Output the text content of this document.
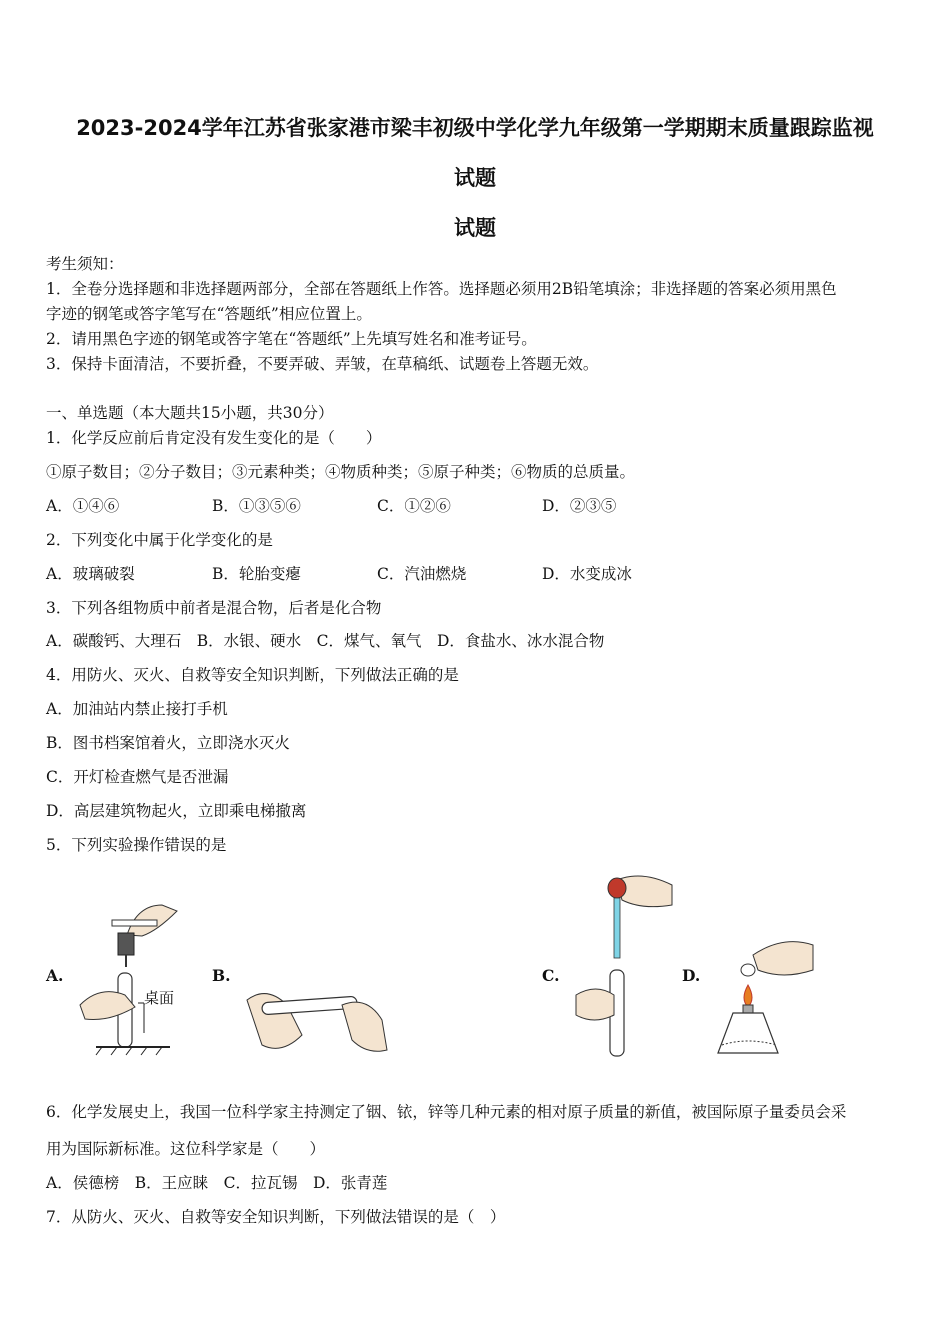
2023-2024学年江苏省张家港市梁丰初级中学化学九年级第一学期期末质量跟踪监视
试题
试题
考生须知：
1．全卷分选择题和非选择题两部分，全部在答题纸上作答。选择题必须用2B铅笔填涂；非选择题的答案必须用黑色
字迹的钢笔或答字笔写在“答题纸”相应位置上。
2．请用黑色字迹的钢笔或答字笔在“答题纸”上先填写姓名和准考证号。
3．保持卡面清洁，不要折叠，不要弄破、弄皱，在草稿纸、试题卷上答题无效。
一、单选题（本大题共15小题，共30分）
1．化学反应前后肯定没有发生变化的是（　　）
①原子数目；②分子数目；③元素种类；④物质种类；⑤原子种类；⑥物质的总质量。
A．①④⑥	B．①③⑤⑥	C．①②⑥	D．②③⑤
2．下列变化中属于化学变化的是
A．玻璃破裂	B．轮胎变瘪	C．汽油燃烧	D．水变成冰
3．下列各组物质中前者是混合物，后者是化合物
A．碳酸钙、大理石　B．水银、硬水　C．煤气、氧气　D．食盐水、冰水混合物
4．用防火、灭火、自救等安全知识判断，下列做法正确的是
A．加油站内禁止接打手机
B．图书档案馆着火，立即浇水灭火
C．开灯检查燃气是否泄漏
D．高层建筑物起火，立即乘电梯撤离
5．下列实验操作错误的是
A.
桌面
B.	C.	D.
6．化学发展史上，我国一位科学家主持测定了铟、铱，锌等几种元素的相对原子质量的新值，被国际原子量委员会采
用为国际新标准。这位科学家是（　　）
A．侯德榜　B．王应睐　C．拉瓦锡　D．张青莲
7．从防火、灭火、自救等安全知识判断，下列做法错误的是（　）
